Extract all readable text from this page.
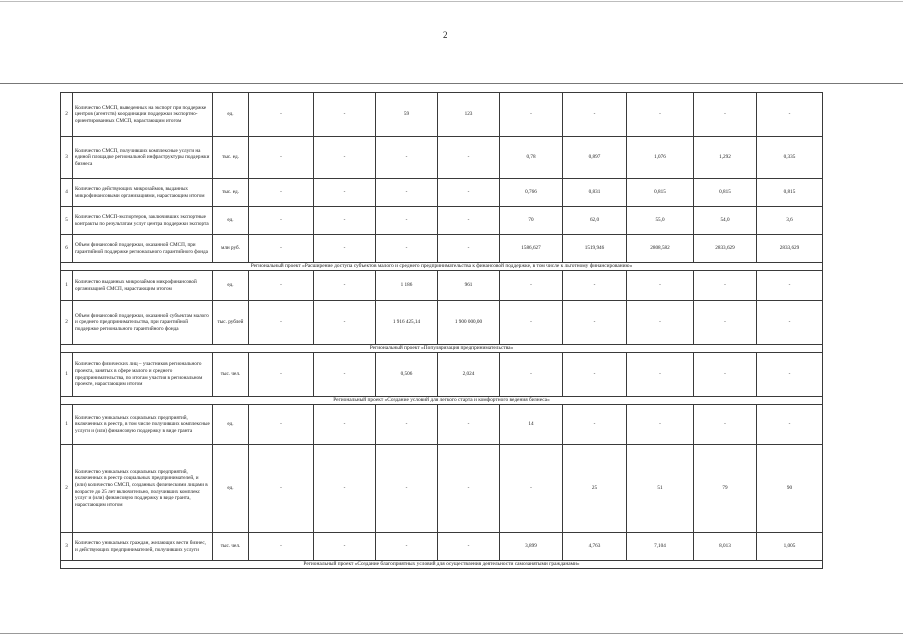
2
2	Количество СМСП, выведенных на экспорт при поддержке центров (агентств) координации поддержки экспортно-ориентированных СМСП, нарастающим итогом	ед.	-	-	59	123	-	-	-	-	-
3	Количество СМСП, получивших комплексные услуги на единой площадке региональной инфраструктуры поддержки бизнеса	тыс. ед.	-	-	-	-	0,78	0,897	1,076	1,292	0,335
4	Количество действующих микрозаймов, выданных микрофинансовыми организациями, нарастающим итогом	тыс. ед.	-	-	-	-	0,766	0,831	0,815	0,815	0,815
5	Количество СМСП-экспортеров, заключивших экспортные контракты по результатам услуг центра поддержки экспорта	ед.	-	-	-	-	70	62,0	55,0	54,0	3,6
6	Объем финансовой поддержки, оказанной СМСП, при гарантийной поддержке регионального гарантийного фонда	млн руб.	-	-	-	-	1586,627	1519,946	2808,582	2833,629	2833,629
Региональный проект «Расширение доступа субъектов малого и среднего предпринимательства к финансовой поддержке, в том числе к льготному финансированию»											
1	Количество выданных микрозаймов микрофинансовой организацией СМСП, нарастающим итогом	ед.	-	-	1 186	961	-	-	-	-	-
2	Объем финансовой поддержки, оказанной субъектам малого и среднего предпринимательства, при гарантийной поддержке регионального гарантийного фонда	тыс. рублей	-	-	1 916 425,14	1 900 000,00	-	-	-	-	-
Региональный проект «Популяризация предпринимательства»											
1	Количество физических лиц – участников регионального проекта, занятых в сфере малого и среднего предпринимательства, по итогам участия в региональном проекте, нарастающим итогом	тыс. чел.	-	-	0,506	2,024	-	-	-	-	-
Региональный проект «Создание условий для легкого старта и комфортного ведения бизнеса»											
1	Количество уникальных социальных предприятий, включенных в реестр, в том числе получивших комплексные услуги и (или) финансовую поддержку в виде гранта	ед.	-	-	-	-	14	-	-	-	-
2	Количество уникальных социальных предприятий, включенных в реестр социальных предпринимателей, и (или) количество СМСП, созданных физическими лицами в возрасте до 25 лет включительно, получивших комплекс услуг и (или) финансовую поддержку в виде гранта, нарастающим итогом	ед.	-	-	-	-	-	25	51	79	90
3	Количество уникальных граждан, желающих вести бизнес, и действующих предпринимателей, получивших услуги	тыс. чел.	-	-	-	-	3,899	4,763	7,104	8,013	1,005
Региональный проект «Создание благоприятных условий для осуществления деятельности самозанятыми гражданами»											
